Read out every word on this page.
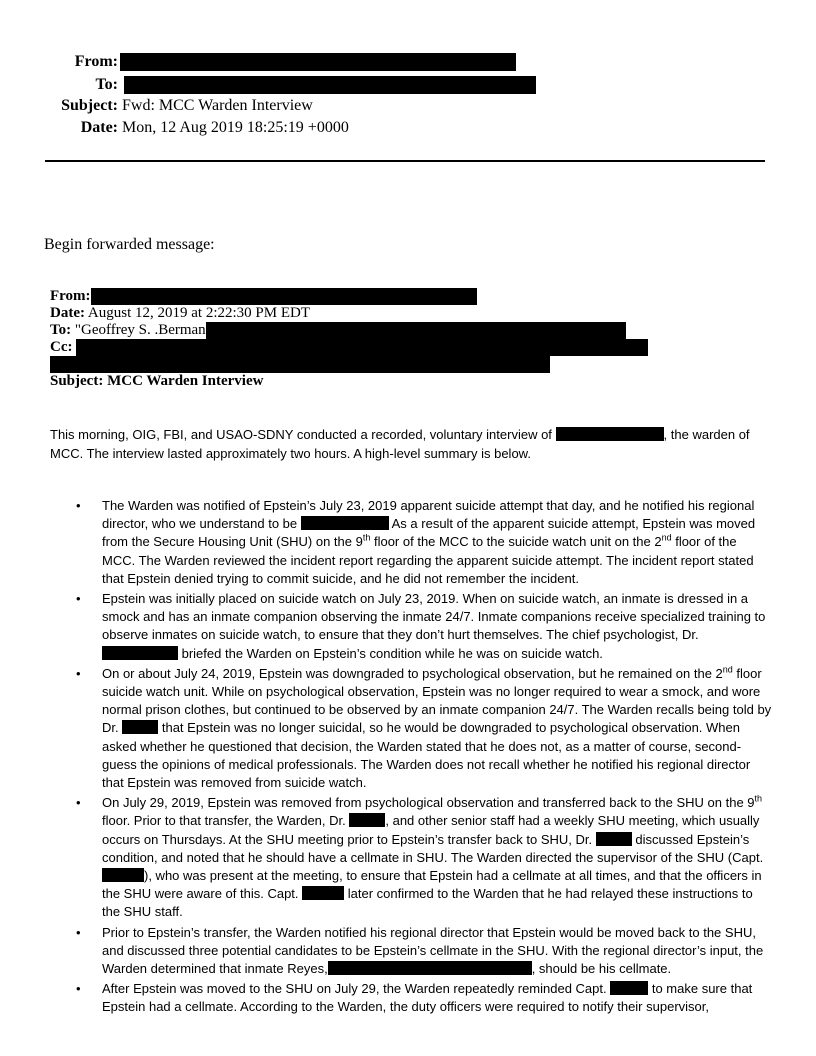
From:
To:
Subject: Fwd: MCC Warden Interview
Date: Mon, 12 Aug 2019 18:25:19 +0000
Begin forwarded message:
From:
Date: August 12, 2019 at 2:22:30 PM EDT
To: "Geoffrey S. .Berman
Cc:
Subject: MCC Warden Interview
This morning, OIG, FBI, and USAO-SDNY conducted a recorded, voluntary interview of	, the warden of MCC. The interview lasted approximately two hours. A high-level summary is below.
• The Warden was notified of Epstein’s July 23, 2019 apparent suicide attempt that day, and he notified his regional director, who we understand to be	As a result of the apparent suicide attempt, Epstein was moved from the Secure Housing Unit (SHU) on the 9th floor of the MCC to the suicide watch unit on the 2nd floor of the MCC. The Warden reviewed the incident report regarding the apparent suicide attempt. The incident report stated that Epstein denied trying to commit suicide, and he did not remember the incident.
• Epstein was initially placed on suicide watch on July 23, 2019. When on suicide watch, an inmate is dressed in a smock and has an inmate companion observing the inmate 24/7. Inmate companions receive specialized training to observe inmates on suicide watch, to ensure that they don’t hurt themselves. The chief psychologist, Dr. briefed the Warden on Epstein’s condition while he was on suicide watch.
• On or about July 24, 2019, Epstein was downgraded to psychological observation, but he remained on the 2nd floor suicide watch unit. While on psychological observation, Epstein was no longer required to wear a smock, and wore normal prison clothes, but continued to be observed by an inmate companion 24/7. The Warden recalls being told by Dr.	that Epstein was no longer suicidal, so he would be downgraded to psychological observation. When asked whether he questioned that decision, the Warden stated that he does not, as a matter of course, second-guess the opinions of medical professionals. The Warden does not recall whether he notified his regional director that Epstein was removed from suicide watch.
• On July 29, 2019, Epstein was removed from psychological observation and transferred back to the SHU on the 9th floor. Prior to that transfer, the Warden, Dr.	, and other senior staff had a weekly SHU meeting, which usually occurs on Thursdays. At the SHU meeting prior to Epstein’s transfer back to SHU, Dr.	discussed Epstein’s condition, and noted that he should have a cellmate in SHU. The Warden directed the supervisor of the SHU (Capt. ), who was present at the meeting, to ensure that Epstein had a cellmate at all times, and that the officers in the SHU were aware of this. Capt.	later confirmed to the Warden that he had relayed these instructions to the SHU staff.
• Prior to Epstein’s transfer, the Warden notified his regional director that Epstein would be moved back to the SHU, and discussed three potential candidates to be Epstein’s cellmate in the SHU. With the regional director’s input, the Warden determined that inmate Reyes,	, should be his cellmate.
• After Epstein was moved to the SHU on July 29, the Warden repeatedly reminded Capt.	to make sure that Epstein had a cellmate. According to the Warden, the duty officers were required to notify their supervisor,
